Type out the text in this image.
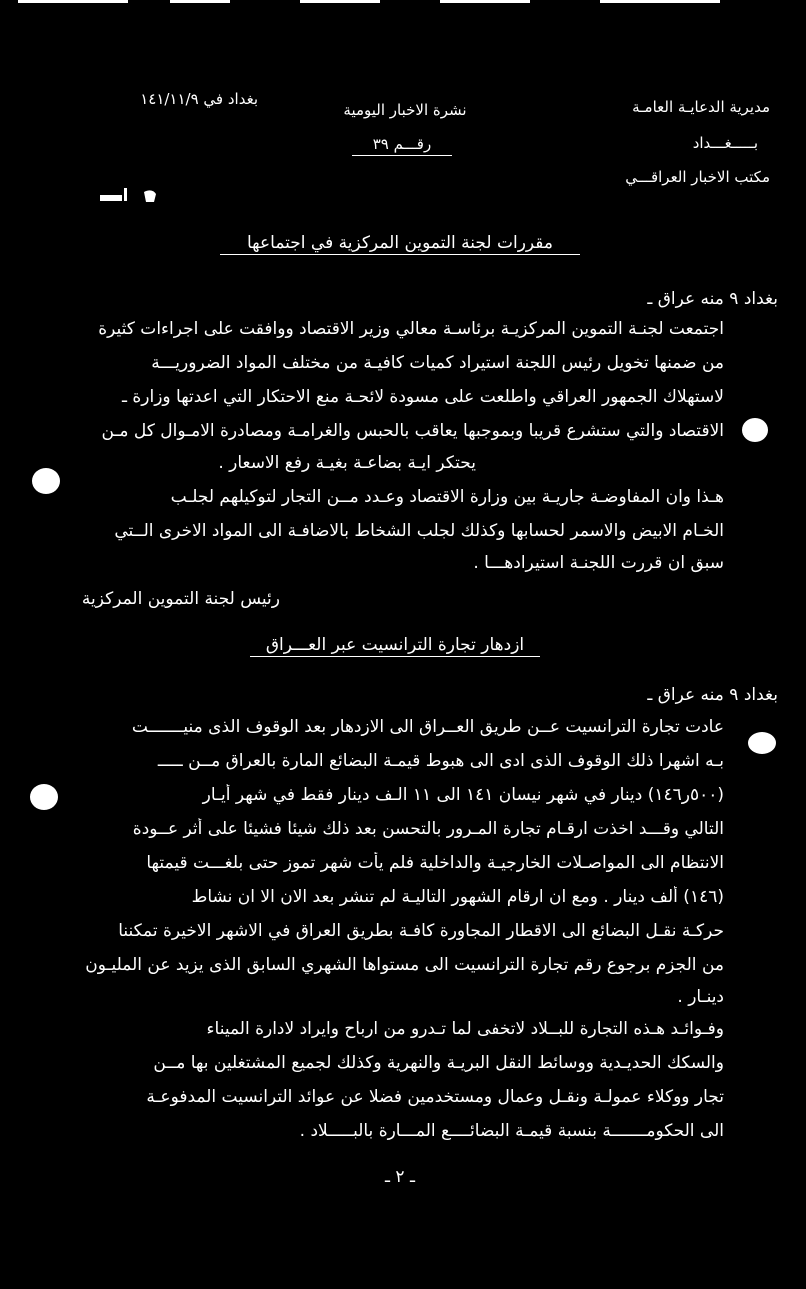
مديرية الدعايـة العامـة
بـــــغـــداد
مكتب الاخبار العراقـــي
نشرة الاخبار اليومية
رقـــم ٣٩
بغداد في ١٤١/١١/٩
مقررات لجنة التموين المركزية في اجتماعها
بغداد ٩ منه عراق ـ
اجتمعت لجنـة التموين المركزيـة برئاسـة معالي وزير الاقتصاد ووافقت على اجراءات كثيرة
من ضمنها تخويل رئيس اللجنة استيراد كميات كافيـة من مختلف المواد الضروريـــة
لاستهلاك الجمهور العراقي واطلعت على مسودة لائحـة منع الاحتكار التي اعدتها وزارة ـ
الاقتصاد والتي ستشرع قريبا وبموجبها يعاقب بالحبس والغرامـة ومصادرة الامـوال كل مـن
يحتكر ايـة بضاعـة بغيـة رفع الاسعار .
هـذا وان المفاوضـة جاريـة بين وزارة الاقتصاد وعـدد مــن التجار لتوكيلهم لجلـب
الخـام الابيض والاسمر لحسابها وكذلك لجلب الشخاط بالاضافـة الى المواد الاخرى الــتي
سبق ان قررت اللجنـة استيرادهـــا .
رئيس لجنة التموين المركزية
ازدهار تجارة الترانسيت عبر العـــراق
بغداد ٩ منه عراق ـ
عادت تجارة الترانسيت عــن طريق العــراق الى الازدهار بعد الوقوف الذى منيـــــــت
بـه اشهرا ذلك الوقوف الذى ادى الى هبوط قيمـة البضائع المارة بالعراق مــن ـــــ
(٥٠٠ر١٤٦) دينار في شهر نيسان ١٤١ الى ١١ الـف دينار فقط في شهر أيـار
التالي وقـــد اخذت ارقـام تجارة المـرور بالتحسن بعد ذلك شيئا فشيئا على أثر عــودة
الانتظام الى المواصـلات الخارجيـة والداخلية فلم يأت شهر تموز حتى بلغـــت قيمتها
(١٤٦) ألف دينار . ومع ان ارقام الشهور التاليـة لم تنشر بعد الان الا ان نشاط
حركـة نقـل البضائع الى الاقطار المجاورة كافـة بطريق العراق في الاشهر الاخيرة تمكننا
من الجزم برجوع رقم تجارة الترانسيت الى مستواها الشهري السابق الذى يزيد عن المليـون
دينـار .
وفـوائـد هـذه التجارة للبــلاد لاتخفى لما تـدرو من ارباح وايراد لادارة الميناء
والسكك الحديـدية ووسائط النقل البريـة والنهرية وكذلك لجميع المشتغلين بها مــن
تجار ووكلاء عمولـة ونقـل وعمال ومستخدمين فضلا عن عوائد الترانسيت المدفوعـة
الى الحكومـــــــة بنسبة قيمـة البضائــــع المـــارة بالبـــــلاد .
ـ ٢ ـ
